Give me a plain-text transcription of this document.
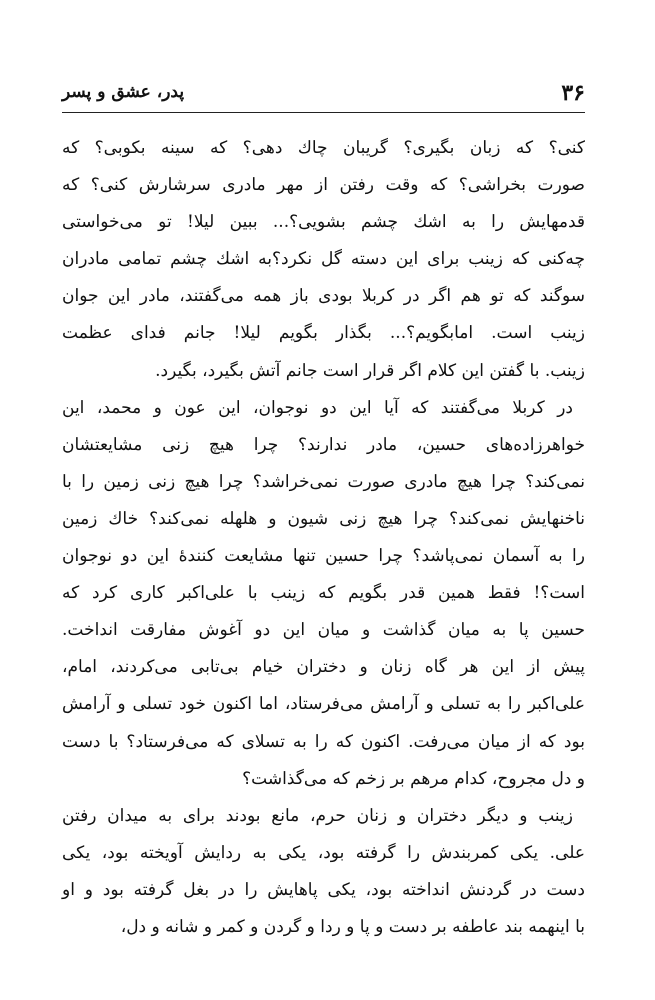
۳۶
پدر، عشق و پسر
کنی؟ که زبان بگیری؟ گریبان چاك دهی؟ که سینه بکوبی؟ که
صورت بخراشی؟ که وقت رفتن از مهر مادری سرشارش کنی؟ که
قدمهایش را به اشك چشم بشویی؟... ببین لیلا! تو می‌خواستی
چه‌کنی که زینب برای این دسته گل نکرد؟به اشك چشم تمامی مادران
سوگند که تو هم اگر در کربلا بودی باز همه می‌گفتند، مادر این جوان
زینب است. امابگویم؟... بگذار بگویم لیلا! جانم فدای عظمت
زینب. با گفتن این کلام اگر قرار است جانم آتش بگیرد، بگیرد.
در کربلا می‌گفتند که آیا این دو نوجوان، این عون و محمد، این
خواهرزاده‌های حسین، مادر ندارند؟ چرا هیچ زنی مشایعتشان
نمی‌کند؟ چرا هیچ مادری صورت نمی‌خراشد؟ چرا هیچ زنی زمین را با
ناخنهایش نمی‌کند؟ چرا هیچ زنی شیون و هلهله نمی‌کند؟ خاك زمین
را به آسمان نمی‌پاشد؟ چرا حسین تنها مشایعت کنندهٔ این دو نوجوان
است؟! فقط همین قدر بگویم که زینب با علی‌اکبر کاری کرد که
حسین پا به میان گذاشت و میان این دو آغوش مفارقت انداخت.
پیش از این هر گاه زنان و دختران خیام بی‌تابی می‌کردند، امام،
علی‌اکبر را به تسلی و آرامش می‌فرستاد، اما اکنون خود تسلی و آرامش
بود که از میان می‌رفت. اکنون که را به تسلای که می‌فرستاد؟ با دست
و دل مجروح، کدام مرهم بر زخم که می‌گذاشت؟
زینب و دیگر دختران و زنان حرم، مانع بودند برای به میدان رفتن
علی. یکی کمربندش را گرفته بود، یکی به ردایش آویخته بود، یکی
دست در گردنش انداخته بود، یکی پاهایش را در بغل گرفته بود و او
با اینهمه بند عاطفه بر دست و پا و ردا و گردن و کمر و شانه و دل،
